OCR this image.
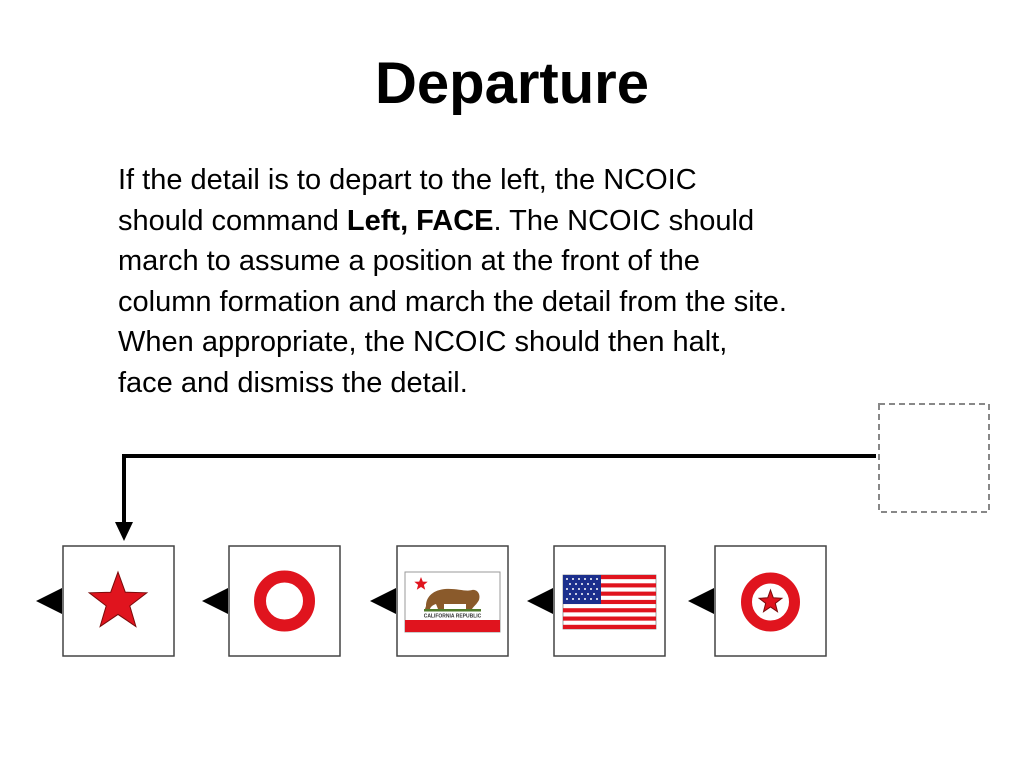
Departure
If the detail is to depart to the left, the NCOIC
should command Left, FACE. The NCOIC should
march to assume a position at the front of the
column formation and march the detail from the site.
When appropriate, the NCOIC should then halt,
face and dismiss the detail.
CALIFORNIA REPUBLIC
